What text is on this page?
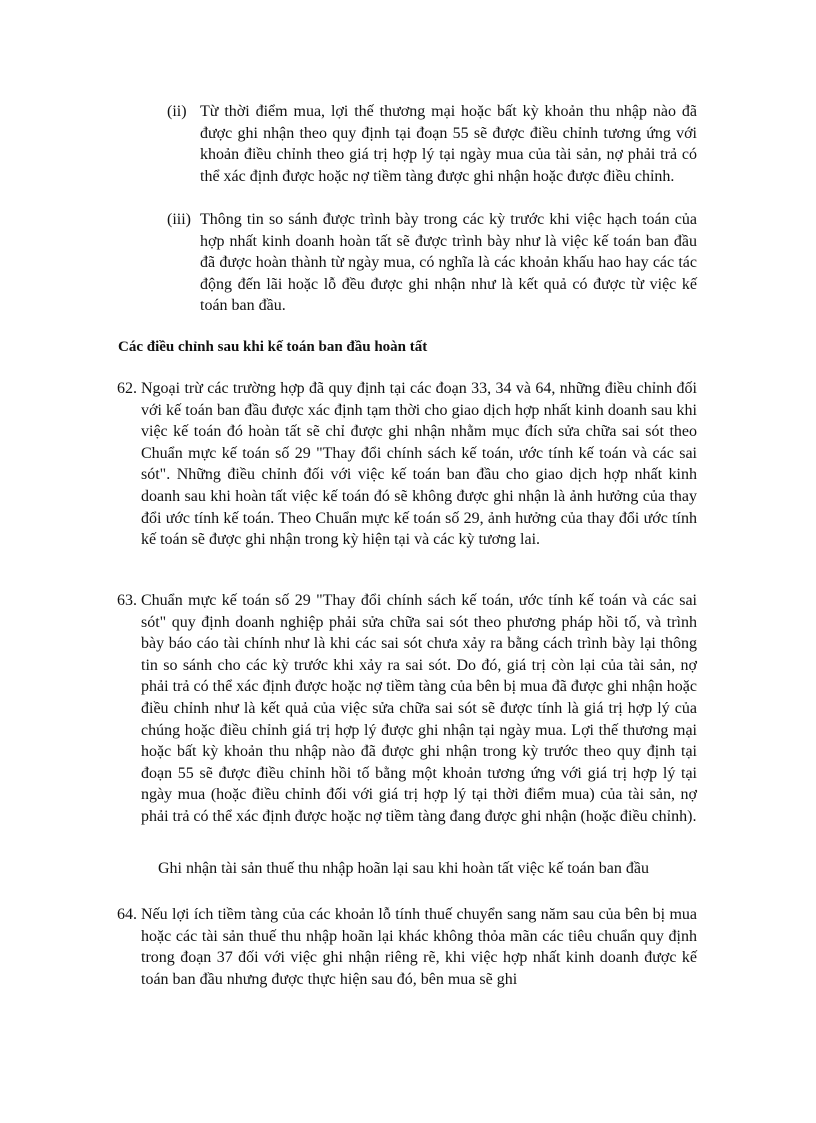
(ii) Từ thời điểm mua, lợi thế thương mại hoặc bất kỳ khoản thu nhập nào đã được ghi nhận theo quy định tại đoạn 55 sẽ được điều chỉnh tương ứng với khoản điều chỉnh theo giá trị hợp lý tại ngày mua của tài sản, nợ phải trả có thể xác định được hoặc nợ tiềm tàng được ghi nhận hoặc được điều chỉnh.
(iii) Thông tin so sánh được trình bày trong các kỳ trước khi việc hạch toán của hợp nhất kinh doanh hoàn tất sẽ được trình bày như là việc kế toán ban đầu đã được hoàn thành từ ngày mua, có nghĩa là các khoản khấu hao hay các tác động đến lãi hoặc lỗ đều được ghi nhận như là kết quả có được từ việc kế toán ban đầu.
Các điều chỉnh sau khi kế toán ban đầu hoàn tất
62. Ngoại trừ các trường hợp đã quy định tại các đoạn 33, 34 và 64, những điều chỉnh đối với kế toán ban đầu được xác định tạm thời cho giao dịch hợp nhất kinh doanh sau khi việc kế toán đó hoàn tất sẽ chỉ được ghi nhận nhằm mục đích sửa chữa sai sót theo Chuẩn mực kế toán số 29 "Thay đổi chính sách kế toán, ước tính kế toán và các sai sót". Những điều chỉnh đối với việc kế toán ban đầu cho giao dịch hợp nhất kinh doanh sau khi hoàn tất việc kế toán đó sẽ không được ghi nhận là ảnh hưởng của thay đổi ước tính kế toán. Theo Chuẩn mực kế toán số 29, ảnh hưởng của thay đổi ước tính kế toán sẽ được ghi nhận trong kỳ hiện tại và các kỳ tương lai.
63. Chuẩn mực kế toán số 29 "Thay đổi chính sách kế toán, ước tính kế toán và các sai sót" quy định doanh nghiệp phải sửa chữa sai sót theo phương pháp hồi tố, và trình bày báo cáo tài chính như là khi các sai sót chưa xảy ra bằng cách trình bày lại thông tin so sánh cho các kỳ trước khi xảy ra sai sót. Do đó, giá trị còn lại của tài sản, nợ phải trả có thể xác định được hoặc nợ tiềm tàng của bên bị mua đã được ghi nhận hoặc điều chỉnh như là kết quả của việc sửa chữa sai sót sẽ được tính là giá trị hợp lý của chúng hoặc điều chỉnh giá trị hợp lý được ghi nhận tại ngày mua. Lợi thế thương mại hoặc bất kỳ khoản thu nhập nào đã được ghi nhận trong kỳ trước theo quy định tại đoạn 55 sẽ được điều chỉnh hồi tố bằng một khoản tương ứng với giá trị hợp lý tại ngày mua (hoặc điều chỉnh đối với giá trị hợp lý tại thời điểm mua) của tài sản, nợ phải trả có thể xác định được hoặc nợ tiềm tàng đang được ghi nhận (hoặc điều chỉnh).
Ghi nhận tài sản thuế thu nhập hoãn lại sau khi hoàn tất việc kế toán ban đầu
64. Nếu lợi ích tiềm tàng của các khoản lỗ tính thuế chuyển sang năm sau của bên bị mua hoặc các tài sản thuế thu nhập hoãn lại khác không thỏa mãn các tiêu chuẩn quy định trong đoạn 37 đối với việc ghi nhận riêng rẽ, khi việc hợp nhất kinh doanh được kế toán ban đầu nhưng được thực hiện sau đó, bên mua sẽ ghi
